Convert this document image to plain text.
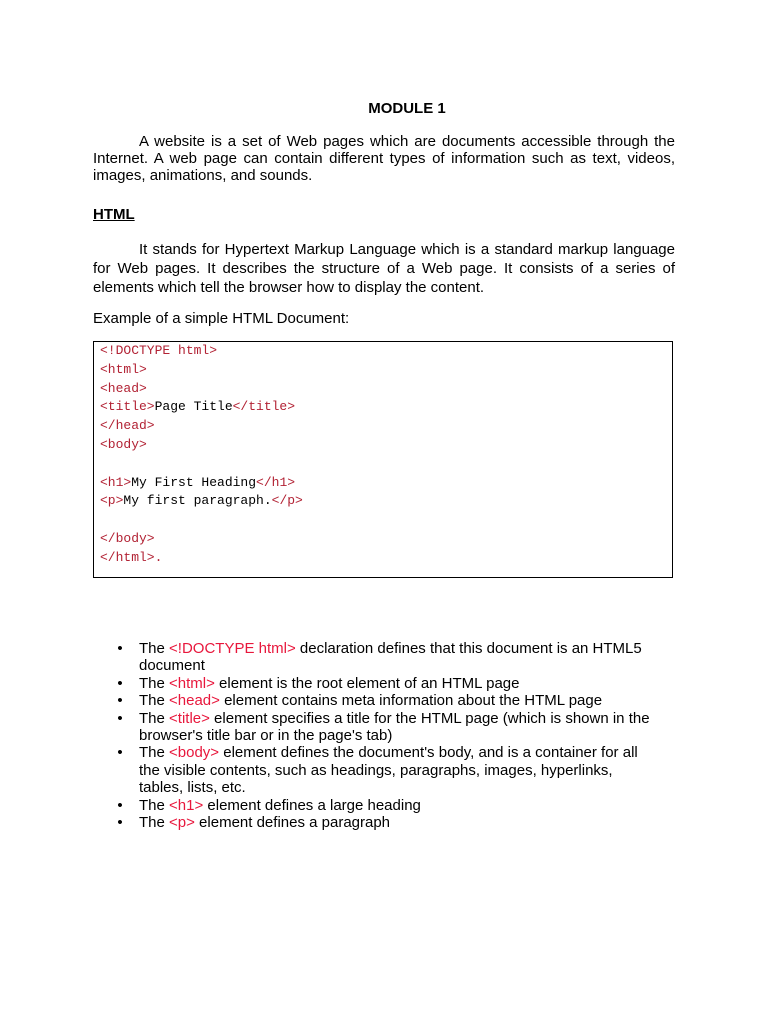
MODULE 1

A website is a set of Web pages which are documents accessible through the
Internet. A web page can contain different types of information such as text, videos,
images, animations, and sounds.

HTML

It stands for Hypertext Markup Language which is a standard markup language
for Web pages. It describes the structure of a Web page. It consists of a series of
elements which tell the browser how to display the content.

Example of a simple HTML Document:
<!DOCTYPE html>
<html>
<head>
<title>Page Title</title>
</head>
<body>

<h1>My First Heading</h1>
<p>My first paragraph.</p>

</body>
</html>.
• The <!DOCTYPE html> declaration defines that this document is an HTML5 document
• The <html> element is the root element of an HTML page
• The <head> element contains meta information about the HTML page
• The <title> element specifies a title for the HTML page (which is shown in the browser's title bar or in the page's tab)
• The <body> element defines the document's body, and is a container for all the visible contents, such as headings, paragraphs, images, hyperlinks, tables, lists, etc.
• The <h1> element defines a large heading
• The <p> element defines a paragraph
